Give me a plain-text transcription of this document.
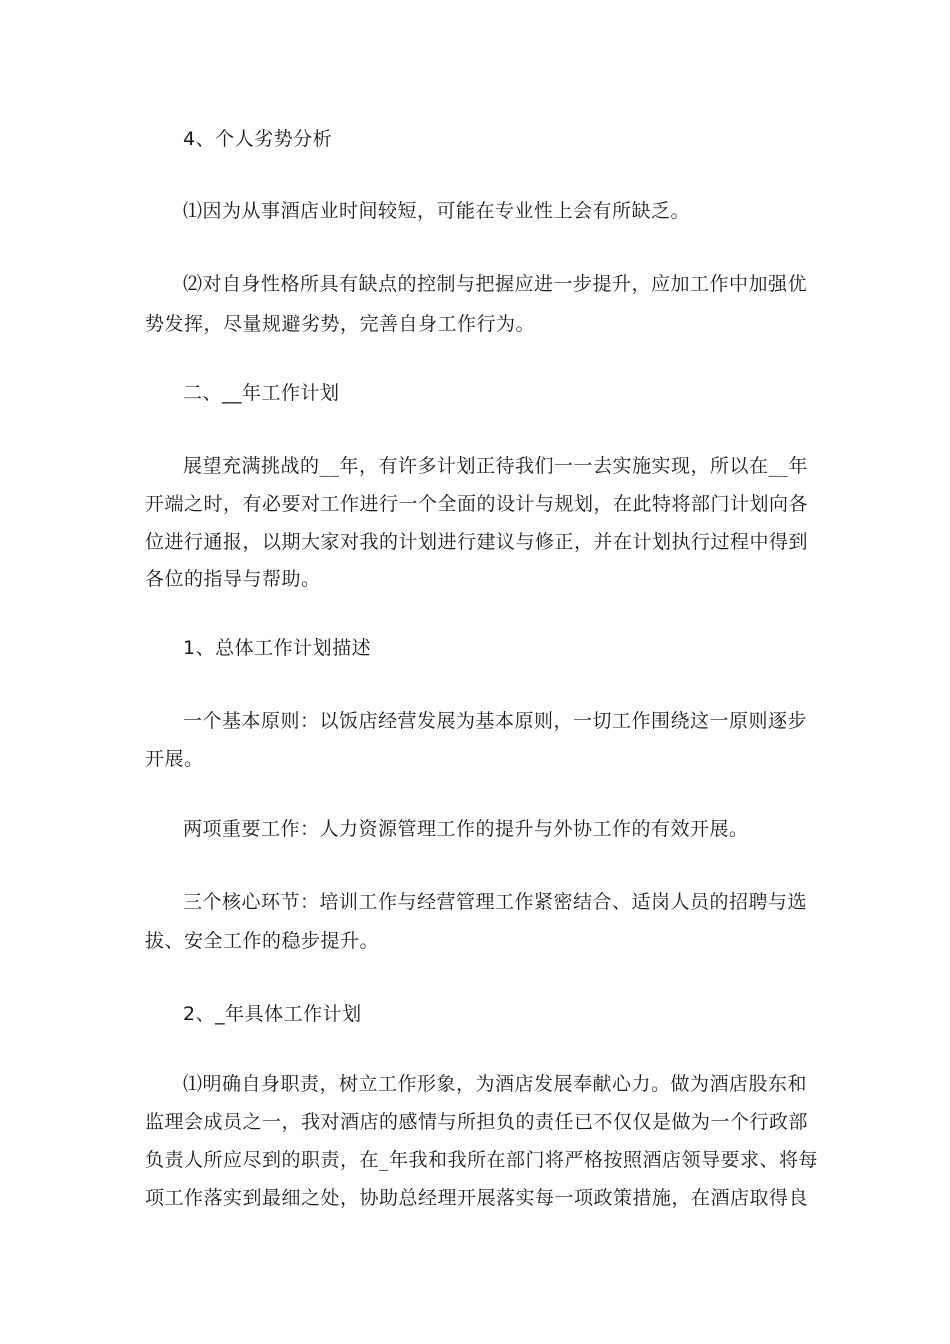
4、个人劣势分析
⑴因为从事酒店业时间较短，可能在专业性上会有所缺乏。
⑵对自身性格所具有缺点的控制与把握应进一步提升，应加工作中加强优
势发挥，尽量规避劣势，完善自身工作行为。
二、__年工作计划
展望充满挑战的__年，有许多计划正待我们一一去实施实现，所以在__年
开端之时，有必要对工作进行一个全面的设计与规划，在此特将部门计划向各
位进行通报，以期大家对我的计划进行建议与修正，并在计划执行过程中得到
各位的指导与帮助。
1、总体工作计划描述
一个基本原则：以饭店经营发展为基本原则，一切工作围绕这一原则逐步
开展。
两项重要工作：人力资源管理工作的提升与外协工作的有效开展。
三个核心环节：培训工作与经营管理工作紧密结合、适岗人员的招聘与选
拔、安全工作的稳步提升。
2、_年具体工作计划
⑴明确自身职责，树立工作形象，为酒店发展奉献心力。做为酒店股东和
监理会成员之一，我对酒店的感情与所担负的责任已不仅仅是做为一个行政部
负责人所应尽到的职责，在_年我和我所在部门将严格按照酒店领导要求、将每
项工作落实到最细之处，协助总经理开展落实每一项政策措施，在酒店取得良
